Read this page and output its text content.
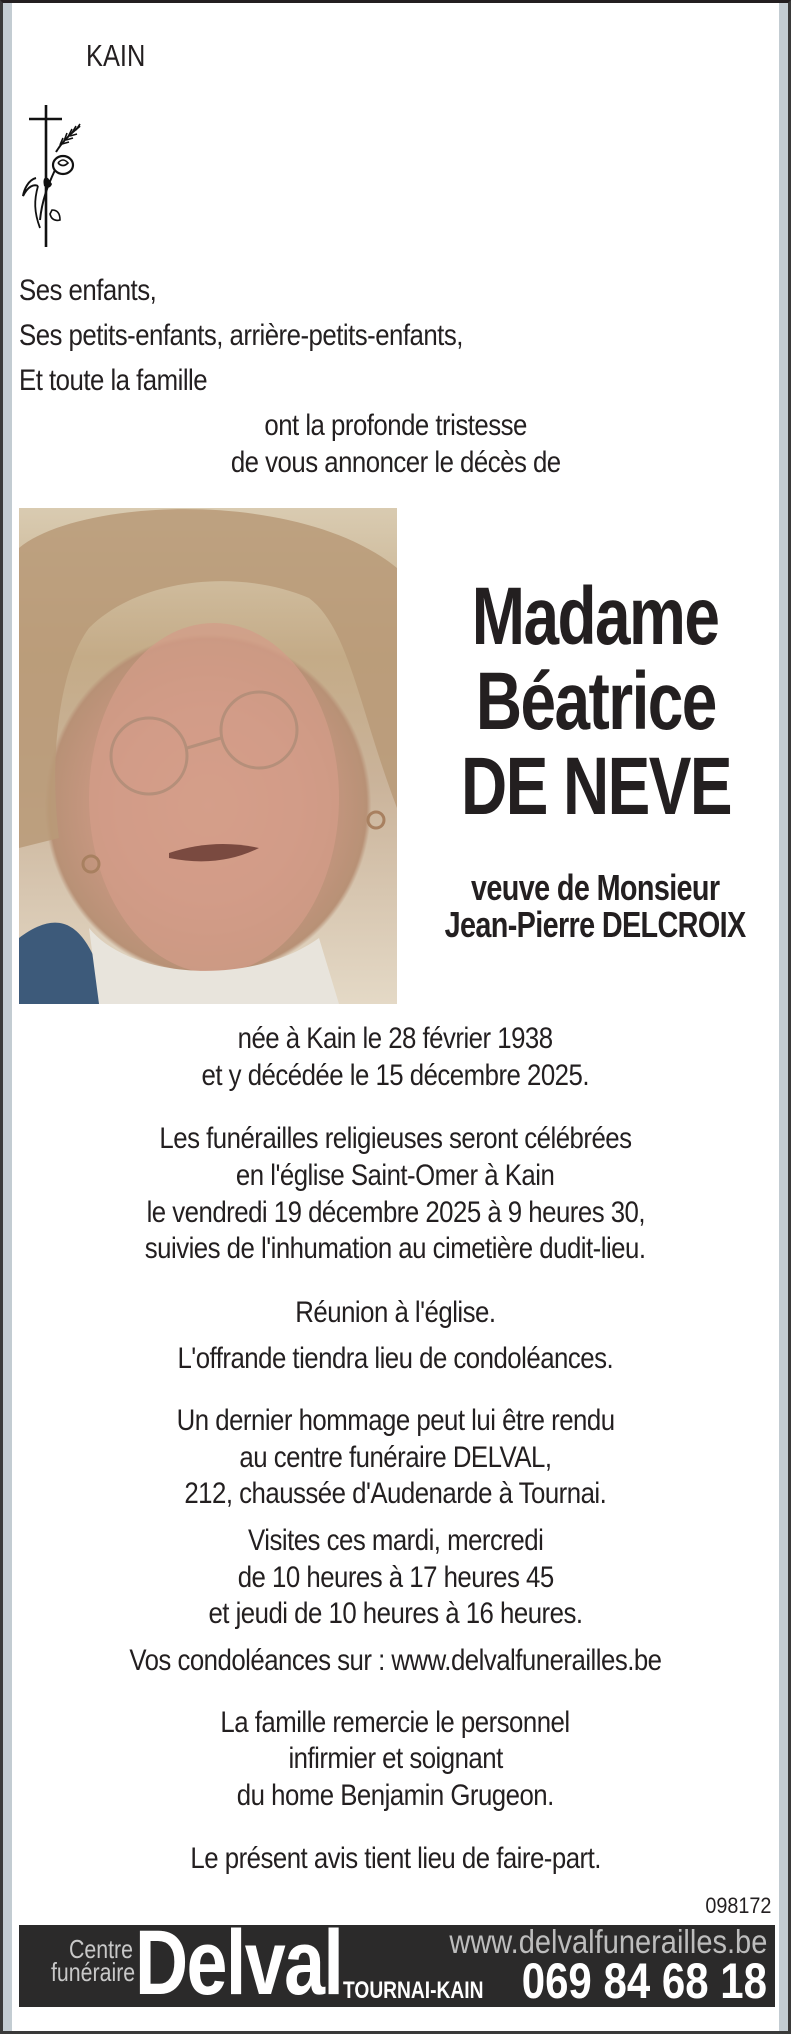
KAIN
Ses enfants,
Ses petits-enfants, arrière-petits-enfants,
Et toute la famille
ont la profonde tristesse
de vous annoncer le décès de
Madame
Béatrice
DE NEVE
veuve de Monsieur
Jean-Pierre DELCROIX
née à Kain le 28 février 1938
et y décédée le 15 décembre 2025.
Les funérailles religieuses seront célébrées
en l'église Saint-Omer à Kain
le vendredi 19 décembre 2025 à 9 heures 30,
suivies de l'inhumation au cimetière dudit-lieu.
Réunion à l'église.
L'offrande tiendra lieu de condoléances.
Un dernier hommage peut lui être rendu
au centre funéraire DELVAL,
212, chaussée d'Audenarde à Tournai.
Visites ces mardi, mercredi
de 10 heures à 17 heures 45
et jeudi de 10 heures à 16 heures.
Vos condoléances sur : www.delvalfunerailles.be
La famille remercie le personnel
infirmier et soignant
du home Benjamin Grugeon.
Le présent avis tient lieu de faire-part.
098172
Centre
funéraire Delval TOURNAI-KAIN
www.delvalfunerailles.be
069 84 68 18
